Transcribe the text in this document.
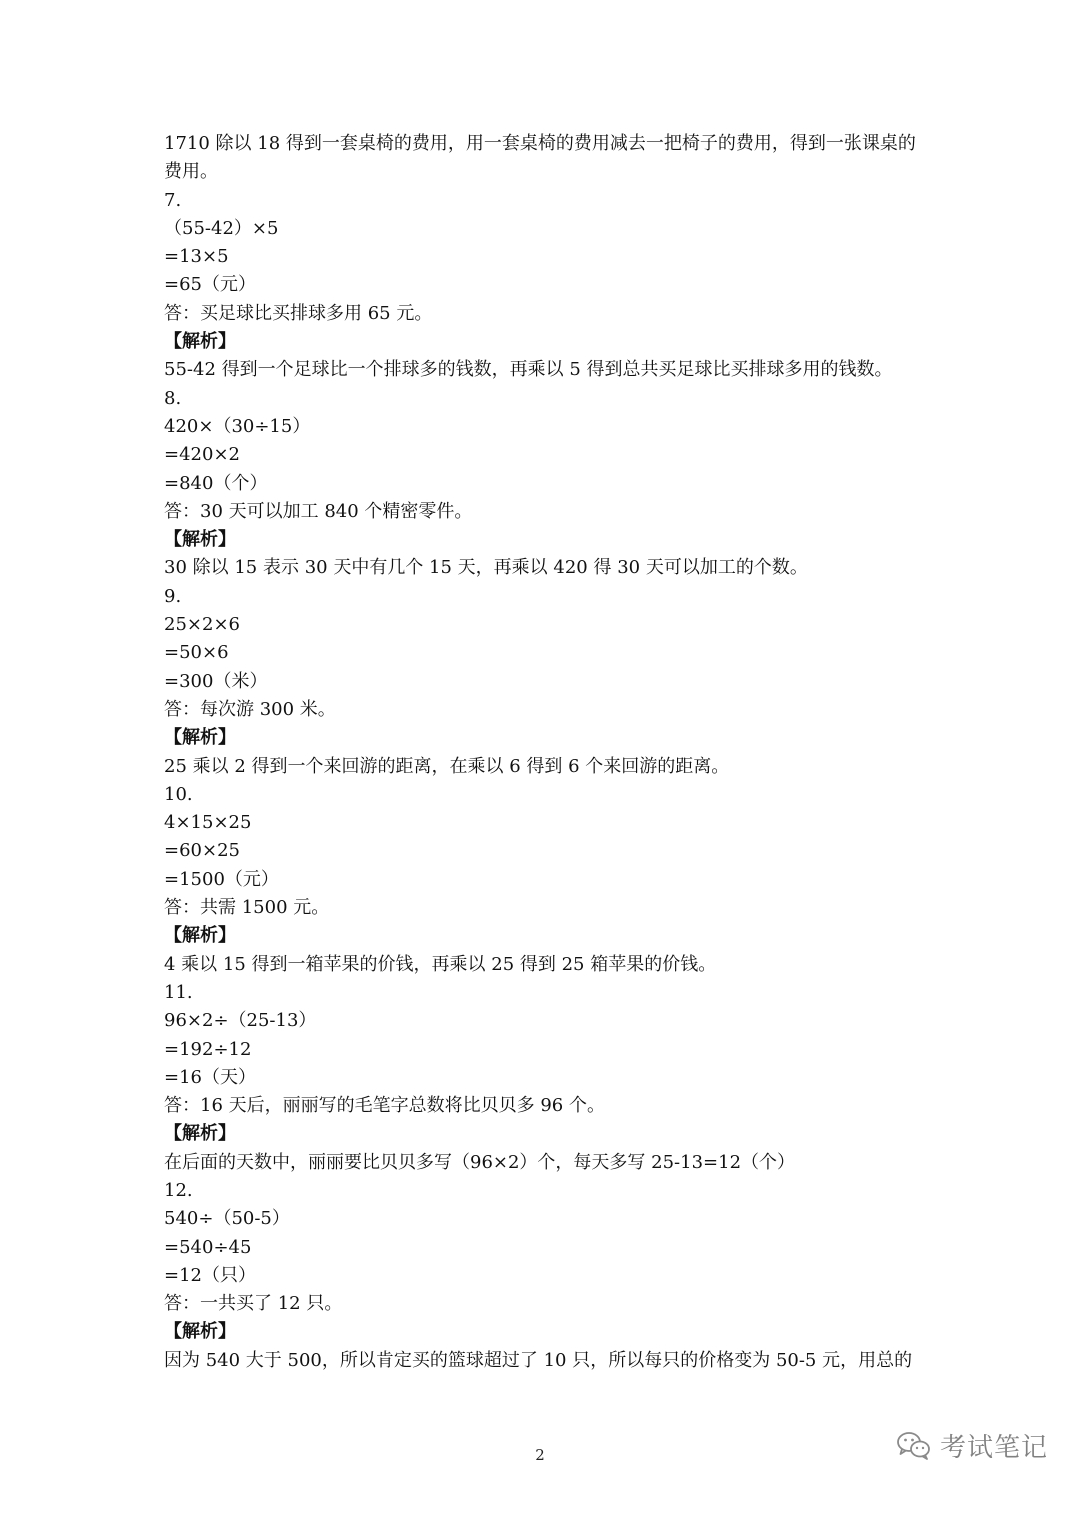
1710 除以 18 得到一套桌椅的费用，用一套桌椅的费用减去一把椅子的费用，得到一张课桌的费用。
7.
（55-42）×5
=13×5
=65（元）
答：买足球比买排球多用 65 元。
【解析】
55-42 得到一个足球比一个排球多的钱数，再乘以 5 得到总共买足球比买排球多用的钱数。
8.
420×（30÷15）
=420×2
=840（个）
答：30 天可以加工 840 个精密零件。
【解析】
30 除以 15 表示 30 天中有几个 15 天，再乘以 420 得 30 天可以加工的个数。
9.
25×2×6
=50×6
=300（米）
答：每次游 300 米。
【解析】
25 乘以 2 得到一个来回游的距离，在乘以 6 得到 6 个来回游的距离。
10.
4×15×25
=60×25
=1500（元）
答：共需 1500 元。
【解析】
4 乘以 15 得到一箱苹果的价钱，再乘以 25 得到 25 箱苹果的价钱。
11.
96×2÷（25-13）
=192÷12
=16（天）
答：16 天后，丽丽写的毛笔字总数将比贝贝多 96 个。
【解析】
在后面的天数中，丽丽要比贝贝多写（96×2）个，每天多写 25-13=12（个）
12.
540÷（50-5）
=540÷45
=12（只）
答：一共买了 12 只。
【解析】
因为 540 大于 500，所以肯定买的篮球超过了 10 只，所以每只的价格变为 50-5 元，用总的
2	考试笔记
